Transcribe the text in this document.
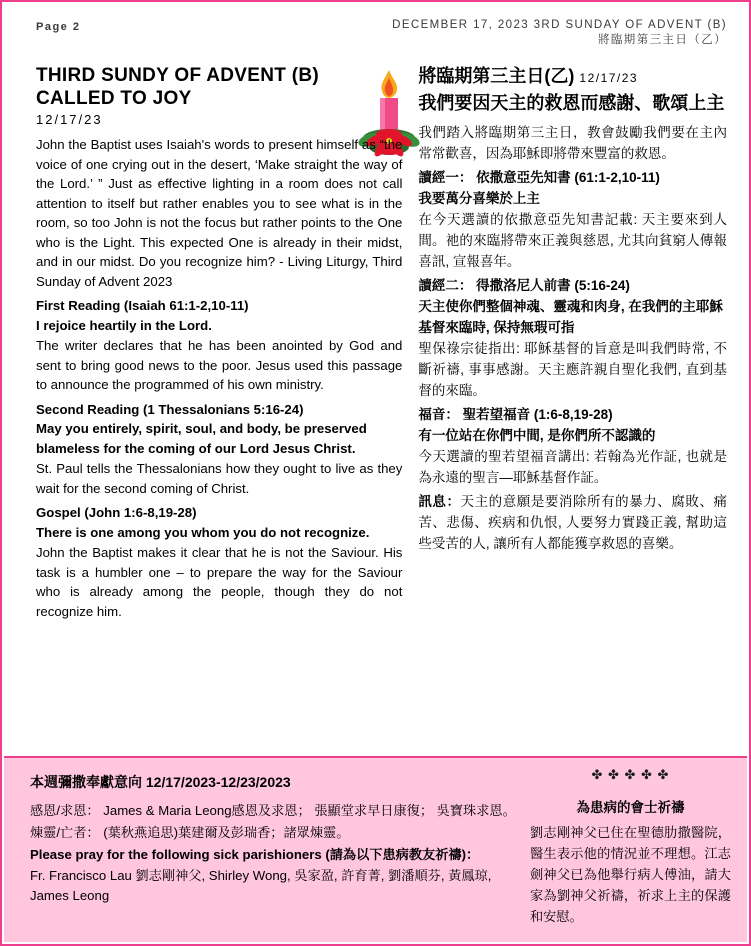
Page 2	DECEMBER 17, 2023 3RD SUNDAY OF ADVENT (B)
將臨期第三主日（乙）
THIRD SUNDY OF ADVENT (B) CALLED TO JOY
12/17/23

John the Baptist uses Isaiah's words to present himself as “the voice of one crying out in the desert, ‘Make straight the way of the Lord.’ ” Just as effective lighting in a room does not call attention to itself but rather enables you to see what is in the room, so too John is not the focus but rather points to the One who is the Light. This expected One is already in their midst, and in our midst. Do you recognize him? - Living Liturgy, Third Sunday of Advent 2023

First Reading (Isaiah 61:1-2,10-11)

I rejoice heartily in the Lord.

The writer declares that he has been anointed by God and sent to bring good news to the poor. Jesus used this passage to announce the programmed of his own ministry.

Second Reading (1 Thessalonians 5:16-24)

May you entirely, spirit, soul, and body, be preserved blameless for the coming of our Lord Jesus Christ.

St. Paul tells the Thessalonians how they ought to live as they wait for the second coming of Christ.

Gospel (John 1:6-8,19-28)

There is one among you whom you do not recognize.

John the Baptist makes it clear that he is not the Saviour. His task is a humbler one – to prepare the way for the Saviour who is already among the people, though they do not recognize him.

將臨期第三主日(乙) 12/17/23
我們要因天主的救恩而感謝、歌頌上主

我們踏入將臨期第三主日，教會鼓勵我們要在主內常常歡喜，因為耶穌即將帶來豐富的救恩。

讀經一： 依撒意亞先知書 (61:1-2,10-11)

我要萬分喜樂於上主

在今天選讀的依撒意亞先知書記載: 天主要來到人間。祂的來臨將帶來正義與慈恩, 尤其向貧窮人傳報喜訊, 宣報喜年。

讀經二： 得撒洛尼人前書 (5:16-24)

天主使你們整個神魂、靈魂和肉身, 在我們的主耶穌基督來臨時, 保持無瑕可指

聖保祿宗徒指出: 耶穌基督的旨意是叫我們時常, 不斷祈禱, 事事感謝。天主應許親自聖化我們, 直到基督的來臨。

福音： 聖若望福音 (1:6-8,19-28)

有一位站在你們中間, 是你們所不認識的

今天選讀的聖若望福音講出: 若翰為光作証, 也就是為永遠的聖言—耶穌基督作証。

訊息：天主的意願是要消除所有的暴力、腐敗、痛苦、悲傷、疾病和仇恨, 人要努力實踐正義, 幫助這些受苦的人, 讓所有人都能獲享救恩的喜樂。

本週彌撒奉獻意向 12/17/2023-12/23/2023

感恩/求恩： James & Maria Leong感恩及求恩； 張顯堂求早日康復； 吳寶珠求恩。

煉靈/亡者： (葉秋燕追思)葉建爾及彭瑞香；諸眾煉靈。

Please pray for the following sick parishioners (請為以下患病教友祈禱)：

Fr. Francisco Lau 劉志剛神父, Shirley Wong, 吳家盈, 許育菁, 劉潘順芬, 黃鳳琼, James Leong

✤ ✤ ✤ ✤ ✤

為患病的會士祈禱

劉志剛神父已住在聖德肋撒醫院， 醫生表示他的情況並不理想。江志劍神父已為他舉行病人傅油，請大家為劉神父祈禱，祈求上主的保護和安慰。
